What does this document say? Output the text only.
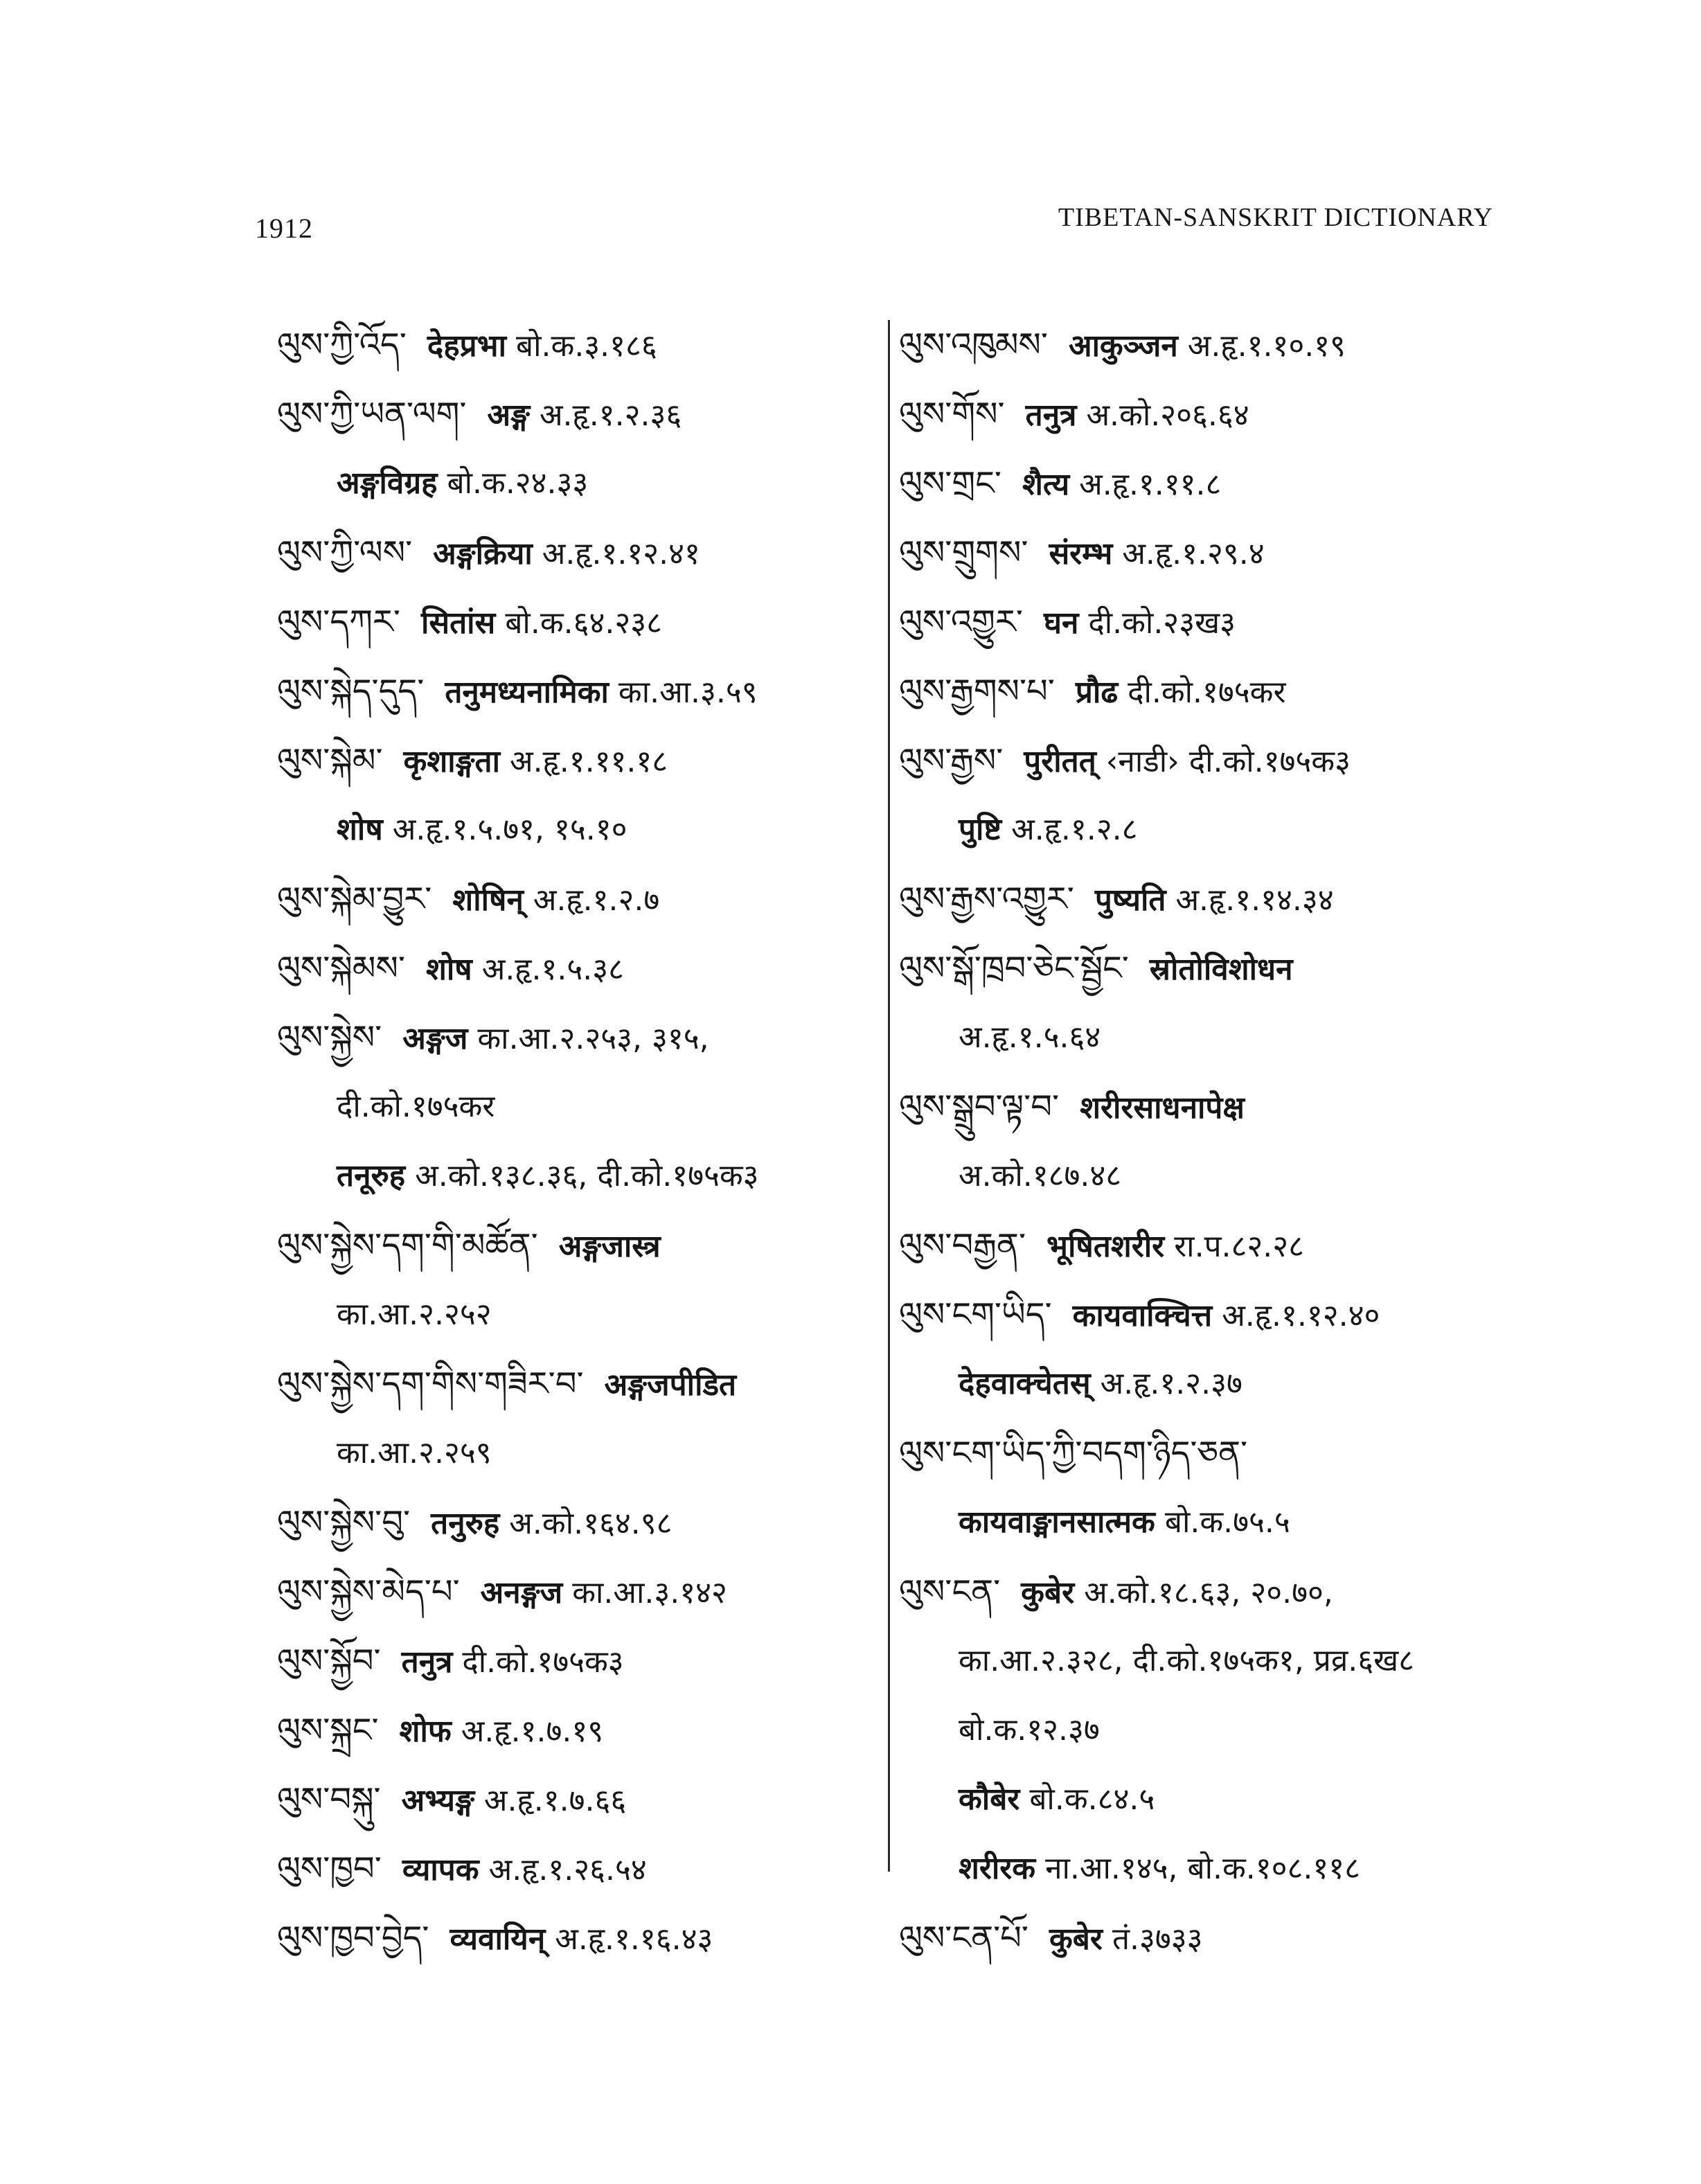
1912	TIBETAN-SANSKRIT DICTIONARY
ལུས་ཀྱི་འོད་ देहप्रभा बो.क.३.१८६
ལུས་ཀྱི་ཡན་ལག་ अङ्ग अ.हृ.१.२.३६
अङ्गविग्रह बो.क.२४.३३
ལུས་ཀྱི་ལས་ अङ्गक्रिया अ.हृ.१.१२.४१
ལུས་དཀར་ सितांस बो.क.६४.२३८
ལུས་སྐེད་དུད་ तनुमध्यनामिका का.आ.३.५९
ལུས་སྐེམ་ कृशाङ्गता अ.हृ.१.११.१८
शोष अ.हृ.१.५.७१, १५.१०
ལུས་སྐེམ་བྱུར་ शोषिन् अ.हृ.१.२.७
ལུས་སྐེམས་ शोष अ.हृ.१.५.३८
ལུས་སྐྱེས་ अङ्गज का.आ.२.२५३, ३१५,
दी.को.१७५कर
तनूरुह अ.को.१३८.३६, दी.को.१७५क३
ལུས་སྐྱེས་དག་གི་མཚོན་ अङ्गजास्त्र
का.आ.२.२५२
ལུས་སྐྱེས་དག་གིས་གཟིར་བ་ अङ्गजपीडित
का.आ.२.२५९
ལུས་སྐྱེས་བུ་ तनुरुह अ.को.१६४.९८
ལུས་སྐྱེས་མེད་པ་ अनङ्गज का.आ.३.१४२
ལུས་སྐྱོབ་ तनुत्र दी.को.१७५क३
ལུས་སྐྲང་ शोफ अ.हृ.१.७.१९
ལུས་བསྐུ་ अभ्यङ्ग अ.हृ.१.७.६६
ལུས་ཁྱབ་ व्यापक अ.हृ.१.२६.५४
ལུས་ཁྱབ་བྱེད་ व्यवायिन् अ.हृ.१.१६.४३
ལུས་འཁུམས་ आकुञ्जन अ.हृ.१.१०.१९
ལུས་གོས་ तनुत्र अ.को.२०६.६४
ལུས་གྲང་ शैत्य अ.हृ.१.११.८
ལུས་གྲུགས་ संरम्भ अ.हृ.१.२९.४
ལུས་འགྱུར་ घन दी.को.२३ख३
ལུས་རྒྱགས་པ་ प्रौढ दी.को.१७५कर
ལུས་རྒྱས་ पुरीतत् ‹नाडी› दी.को.१७५क३
पुष्टि अ.हृ.१.२.८
ལུས་རྒྱས་འགྱུར་ पुष्यति अ.हृ.१.१४.३४
ལུས་སྒོ་ཁྲབ་ཅེང་སྦྱོང་ स्रोतोविशोधन
अ.हृ.१.५.६४
ལུས་སྒྲུབ་ལྟ་བ་ शरीरसाधनापेक्ष
अ.को.१८७.४८
ལུས་བརྒྱན་ भूषितशरीर रा.प.८२.२८
ལུས་ངག་ཡིད་ कायवाक्चित्त अ.हृ.१.१२.४०
देहवाक्चेतस् अ.हृ.१.२.३७
ལུས་ངག་ཡིད་ཀྱི་བདག་ཉིད་ཅན་
कायवाङ्मानसात्मक बो.क.७५.५
ལུས་ངན་ कुबेर अ.को.१८.६३, २०.७०,
का.आ.२.३२८, दी.को.१७५क१, प्रव्र.६ख८
बो.क.१२.३७
कौबेर बो.क.८४.५
शरीरक ना.आ.१४५, बो.क.१०८.११८
ལུས་ངན་པོ་ कुबेर तं.३७३३
